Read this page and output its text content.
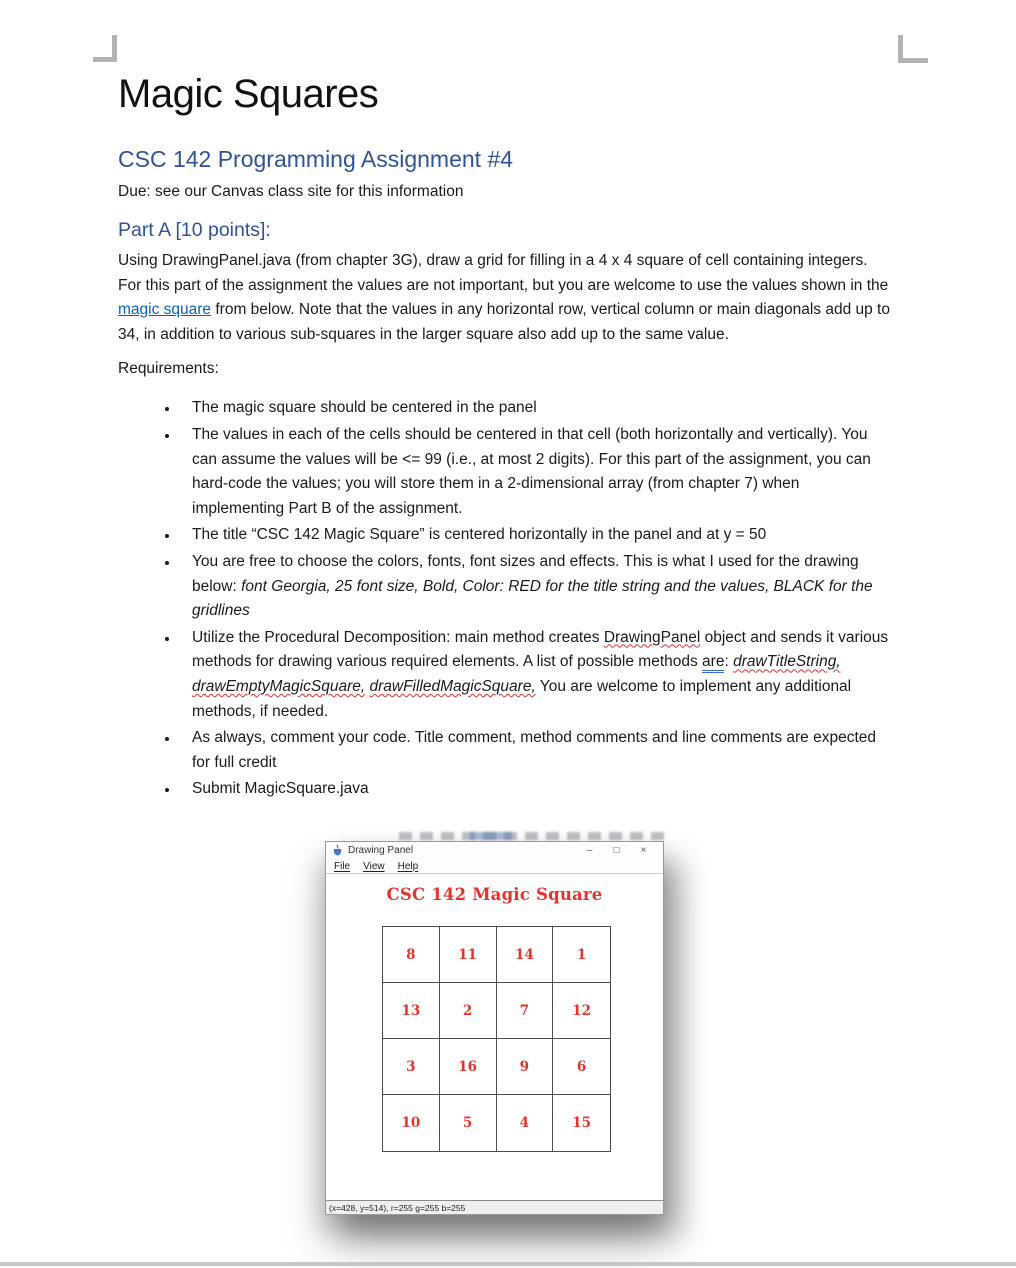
Magic Squares
CSC 142 Programming Assignment #4

Due: see our Canvas class site for this information

Part A [10 points]:

Using DrawingPanel.java (from chapter 3G), draw a grid for filling in a 4 x 4 square of cell containing integers. For this part of the assignment the values are not important, but you are welcome to use the values shown in the magic square from below. Note that the values in any horizontal row, vertical column or main diagonals add up to 34, in addition to various sub-squares in the larger square also add up to the same value.

Requirements:

• The magic square should be centered in the panel
• The values in each of the cells should be centered in that cell (both horizontally and vertically). You can assume the values will be <= 99 (i.e., at most 2 digits). For this part of the assignment, you can hard-code the values; you will store them in a 2-dimensional array (from chapter 7) when implementing Part B of the assignment.
• The title “CSC 142 Magic Square” is centered horizontally in the panel and at y = 50
• You are free to choose the colors, fonts, font sizes and effects. This is what I used for the drawing below: font Georgia, 25 font size, Bold, Color: RED for the title string and the values, BLACK for the gridlines
• Utilize the Procedural Decomposition: main method creates DrawingPanel object and sends it various methods for drawing various required elements. A list of possible methods are: drawTitleString, drawEmptyMagicSquare, drawFilledMagicSquare, You are welcome to implement any additional methods, if needed.
• As always, comment your code. Title comment, method comments and line comments are expected for full credit
• Submit MagicSquare.java
Drawing Panel	–	□	×
File View Help
CSC 142 Magic Square
8	11	14	1
13	2	7	12
3	16	9	6
10	5	4	15
(x=428, y=514), r=255 g=255 b=255
